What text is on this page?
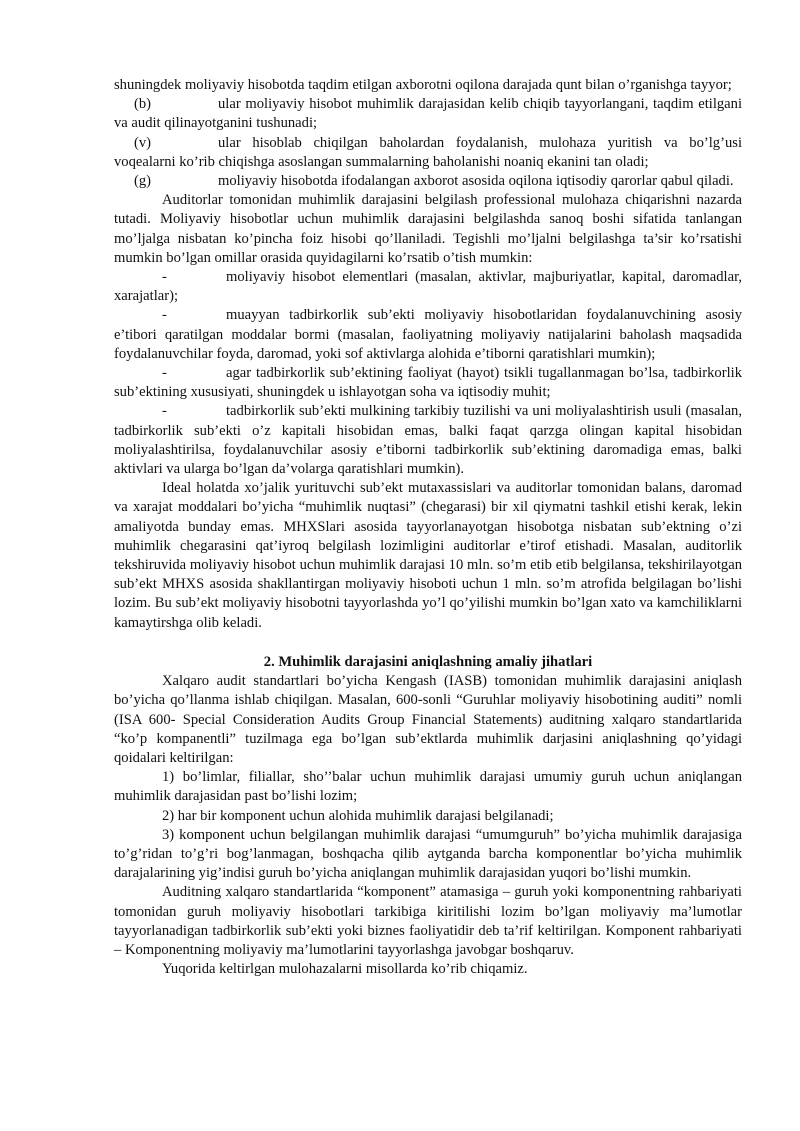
shuningdek moliyaviy hisobotda taqdim etilgan axborotni oqilona darajada qunt bilan o’rganishga tayyor;

(b)	ular moliyaviy hisobot muhimlik darajasidan kelib chiqib tayyorlangani, taqdim etilgani va audit qilinayotganini tushunadi;

(v)	ular hisoblab chiqilgan baholardan foydalanish, mulohaza yuritish va bo’lg’usi voqealarni ko’rib chiqishga asoslangan summalarning baholanishi noaniq ekanini tan oladi;

(g)	moliyaviy hisobotda ifodalangan axborot asosida oqilona iqtisodiy qarorlar qabul qiladi.

Auditorlar tomonidan muhimlik darajasini belgilash professional mulohaza chiqarishni nazarda tutadi. Moliyaviy hisobotlar uchun muhimlik darajasini belgilashda sanoq boshi sifatida tanlangan mo’ljalga nisbatan ko’pincha foiz hisobi qo’llaniladi. Tegishli mo’ljalni belgilashga ta’sir ko’rsatishi mumkin bo’lgan omillar orasida quyidagilarni ko’rsatib o’tish mumkin:

-	moliyaviy hisobot elementlari (masalan, aktivlar, majburiyatlar, kapital, daromadlar, xarajatlar);

-	muayyan tadbirkorlik sub’ekti moliyaviy hisobotlaridan foydalanuvchining asosiy e’tibori qaratilgan moddalar bormi (masalan, faoliyatning moliyaviy natijalarini baholash maqsadida foydalanuvchilar foyda, daromad, yoki sof aktivlarga alohida e’tiborni qaratishlari mumkin);

-	agar tadbirkorlik sub’ektining faoliyat (hayot) tsikli tugallanmagan bo’lsa, tadbirkorlik sub’ektining xususiyati, shuningdek u ishlayotgan soha va iqtisodiy muhit;

-	tadbirkorlik sub’ekti mulkining tarkibiy tuzilishi va uni moliyalashtirish usuli (masalan, tadbirkorlik sub’ekti o’z kapitali hisobidan emas, balki faqat qarzga olingan kapital hisobidan moliyalashtirilsa, foydalanuvchilar asosiy e’tiborni tadbirkorlik sub’ektining daromadiga emas, balki aktivlari va ularga bo’lgan da’volarga qaratishlari mumkin).

Ideal holatda xo’jalik yurituvchi sub’ekt mutaxassislari va auditorlar tomonidan balans, daromad va xarajat moddalari bo’yicha “muhimlik nuqtasi” (chegarasi) bir xil qiymatni tashkil etishi kerak, lekin amaliyotda bunday emas. MHXSlari asosida tayyorlanayotgan hisobotga nisbatan sub’ektning o’zi muhimlik chegarasini qat’iyroq belgilash lozimligini auditorlar e’tirof etishadi. Masalan, auditorlik tekshiruvida moliyaviy hisobot uchun muhimlik darajasi 10 mln. so’m etib etib belgilansa, tekshirilayotgan sub’ekt MHXS asosida shakllantirgan moliyaviy hisoboti uchun 1 mln. so’m atrofida belgilagan bo’lishi lozim. Bu sub’ekt moliyaviy hisobotni tayyorlashda yo’l qo’yilishi mumkin bo’lgan xato va kamchiliklarni kamaytirshga olib keladi.

2. Muhimlik darajasini aniqlashning amaliy jihatlari

Xalqaro audit standartlari bo’yicha Kengash (IASB) tomonidan muhimlik darajasini aniqlash bo’yicha qo’llanma ishlab chiqilgan. Masalan, 600-sonli “Guruhlar moliyaviy hisobotining auditi” nomli (ISA 600- Special Consideration Audits Group Financial Statements) auditning xalqaro standartlarida “ko’p kompanentli” tuzilmaga ega bo’lgan sub’ektlarda muhimlik darjasini aniqlashning qo’yidagi qoidalari keltirilgan:

1) bo’limlar, filiallar, sho’’balar uchun muhimlik darajasi umumiy guruh uchun aniqlangan muhimlik darajasidan past bo’lishi lozim;

2) har bir komponent uchun alohida muhimlik darajasi belgilanadi;

3) komponent uchun belgilangan muhimlik darajasi “umumguruh” bo’yicha muhimlik darajasiga to’g’ridan to’g’ri bog’lanmagan, boshqacha qilib aytganda barcha komponentlar bo’yicha muhimlik darajalarining yig’indisi guruh bo’yicha aniqlangan muhimlik darajasidan yuqori bo’lishi mumkin.

Auditning xalqaro standartlarida “komponent” atamasiga – guruh yoki komponentning rahbariyati tomonidan guruh moliyaviy hisobotlari tarkibiga kiritilishi lozim bo’lgan moliyaviy ma’lumotlar tayyorlanadigan tadbirkorlik sub’ekti yoki biznes faoliyatidir deb ta’rif keltirilgan. Komponent rahbariyati – Komponentning moliyaviy ma’lumotlarini tayyorlashga javobgar boshqaruv.

Yuqorida keltirlgan mulohazalarni misollarda ko’rib chiqamiz.
